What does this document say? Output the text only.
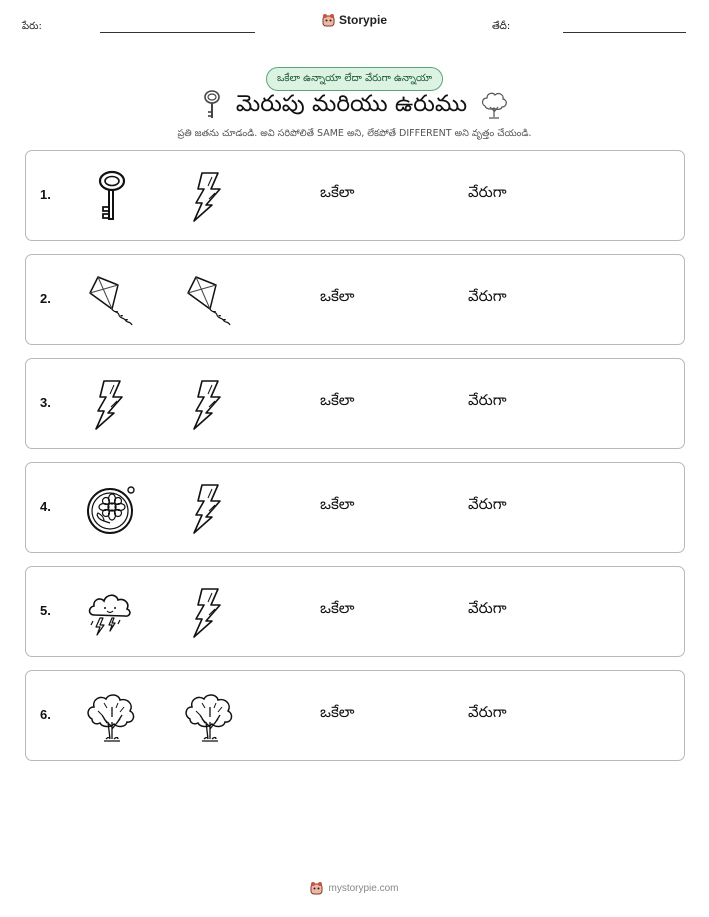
పేరు:	Storypie	తేదీ:
ఒకేలా ఉన్నాయా లేదా వేరుగా ఉన్నాయా
మెరుపు మరియు ఉరుము
ప్రతి జతను చూడండి. అవి సరిపోలితే SAME అని, లేకపోతే DIFFERENT అని వృత్తం చేయండి.
1.	ఒకేలా	వేరుగా
2.	ఒకేలా	వేరుగా
3.	ఒకేలా	వేరుగా
4.	ఒకేలా	వేరుగా
5.	ఒకేలా	వేరుగా
6.	ఒకేలా	వేరుగా
mystorypie.com
